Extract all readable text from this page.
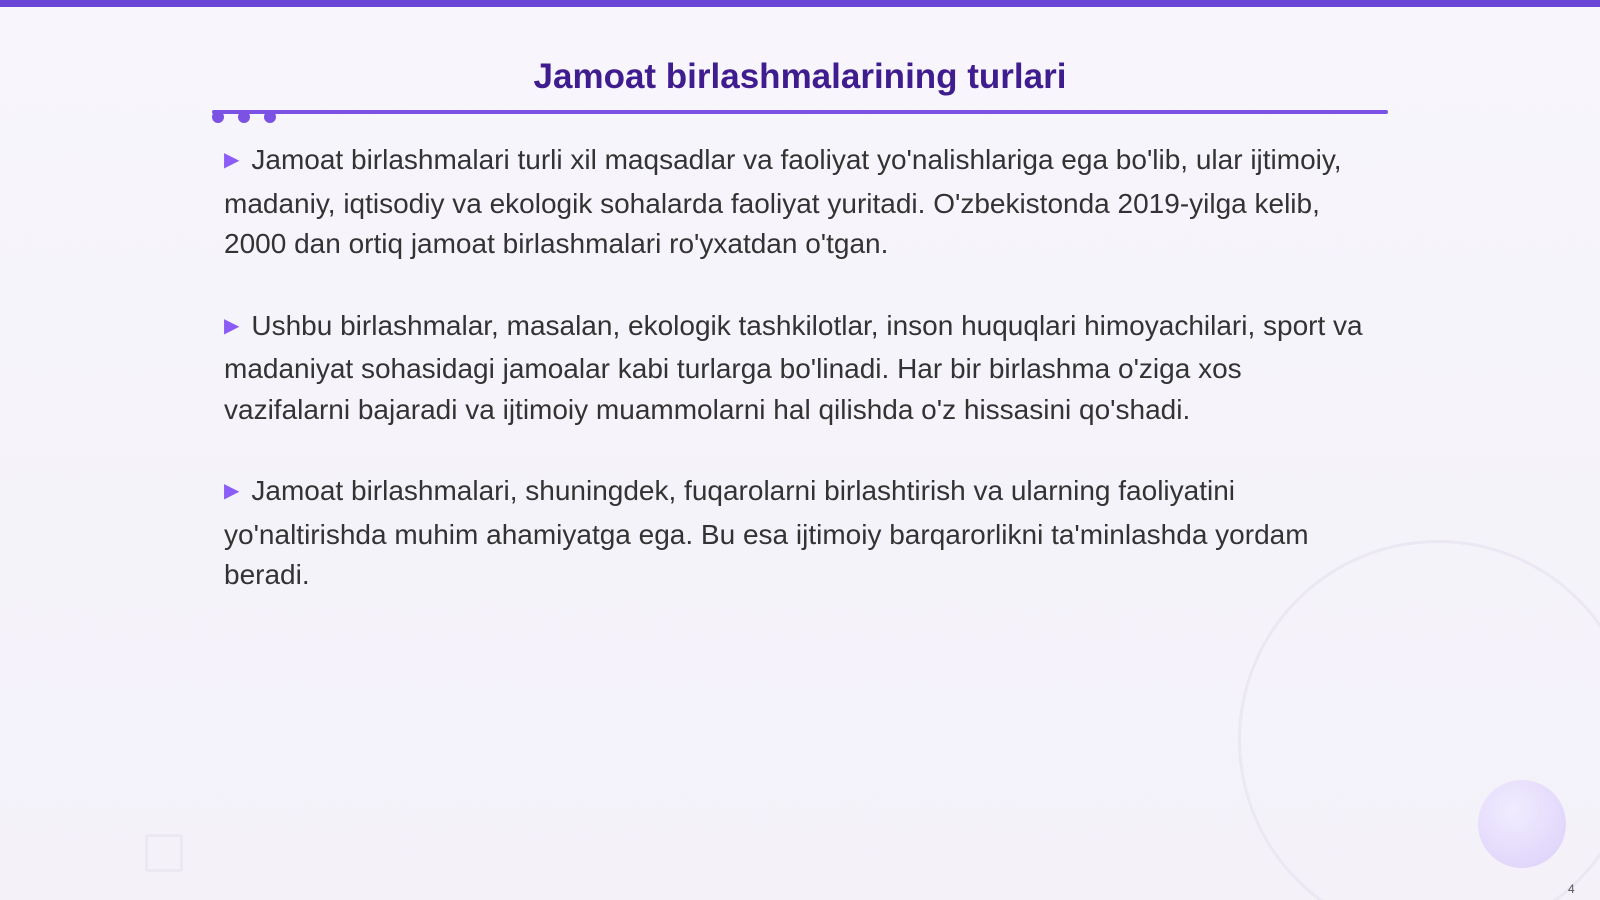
Jamoat birlashmalarining turlari

▶ Jamoat birlashmalari turli xil maqsadlar va faoliyat yo'nalishlariga ega bo'lib, ular ijtimoiy, madaniy, iqtisodiy va ekologik sohalarda faoliyat yuritadi. O'zbekistonda 2019-yilga kelib, 2000 dan ortiq jamoat birlashmalari ro'yxatdan o'tgan.

▶ Ushbu birlashmalar, masalan, ekologik tashkilotlar, inson huquqlari himoyachilari, sport va madaniyat sohasidagi jamoalar kabi turlarga bo'linadi. Har bir birlashma o'ziga xos vazifalarni bajaradi va ijtimoiy muammolarni hal qilishda o'z hissasini qo'shadi.

▶ Jamoat birlashmalari, shuningdek, fuqarolarni birlashtirish va ularning faoliyatini yo'naltirishda muhim ahamiyatga ega. Bu esa ijtimoiy barqarorlikni ta'minlashda yordam beradi.

4
